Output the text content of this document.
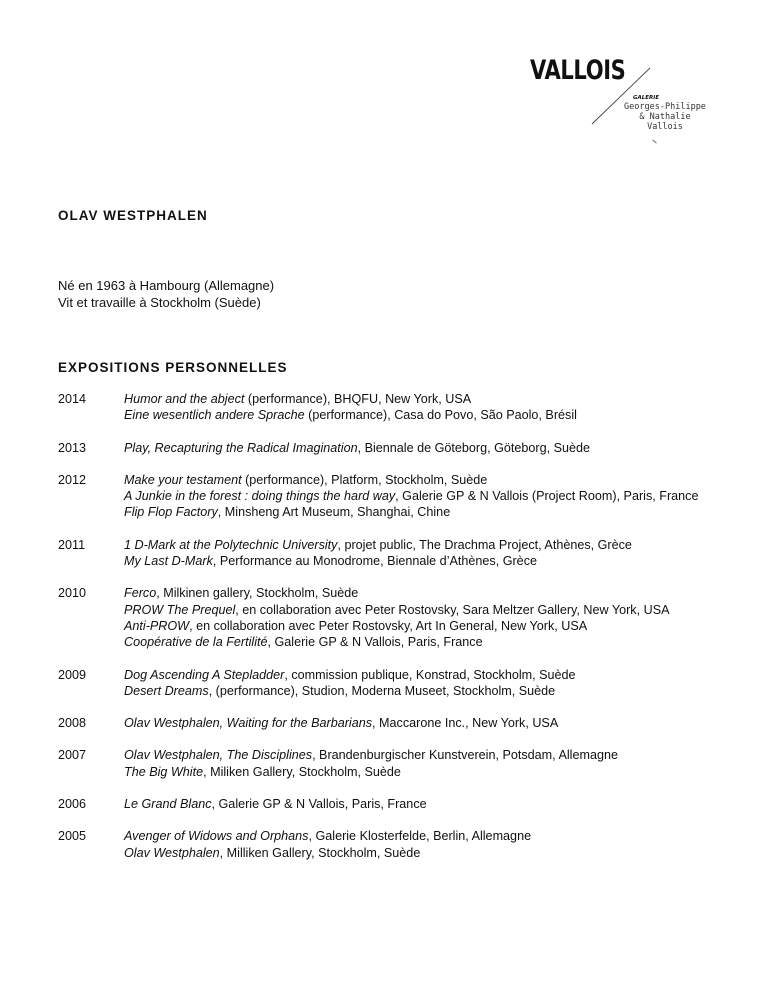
VALLOIS
GALERIE
Georges-Philippe
& Nathalie
Vallois
OLAV WESTPHALEN
Né en 1963 à Hambourg (Allemagne)
Vit et travaille à Stockholm (Suède)
EXPOSITIONS PERSONNELLES
2014	Humor and the abject (performance), BHQFU, New York, USA
Eine wesentlich andere Sprache (performance), Casa do Povo, São Paolo, Brésil
2013	Play, Recapturing the Radical Imagination, Biennale de Göteborg, Göteborg, Suède
2012	Make your testament (performance), Platform, Stockholm, Suède
A Junkie in the forest : doing things the hard way, Galerie GP & N Vallois (Project Room), Paris, France
Flip Flop Factory, Minsheng Art Museum, Shanghai, Chine
2011	1 D-Mark at the Polytechnic University, projet public, The Drachma Project, Athènes, Grèce
My Last D-Mark, Performance au Monodrome, Biennale d’Athènes, Grèce
2010	Ferco, Milkinen gallery, Stockholm, Suède
PROW The Prequel, en collaboration avec Peter Rostovsky, Sara Meltzer Gallery, New York, USA
Anti-PROW, en collaboration avec Peter Rostovsky, Art In General, New York, USA
Coopérative de la Fertilité, Galerie GP & N Vallois, Paris, France
2009	Dog Ascending A Stepladder, commission publique, Konstrad, Stockholm, Suède
Desert Dreams, (performance), Studion, Moderna Museet, Stockholm, Suède
2008	Olav Westphalen, Waiting for the Barbarians, Maccarone Inc., New York, USA
2007	Olav Westphalen, The Disciplines, Brandenburgischer Kunstverein, Potsdam, Allemagne
The Big White, Miliken Gallery, Stockholm, Suède
2006	Le Grand Blanc, Galerie GP & N Vallois, Paris, France
2005	Avenger of Widows and Orphans, Galerie Klosterfelde, Berlin, Allemagne
Olav Westphalen, Milliken Gallery, Stockholm, Suède
